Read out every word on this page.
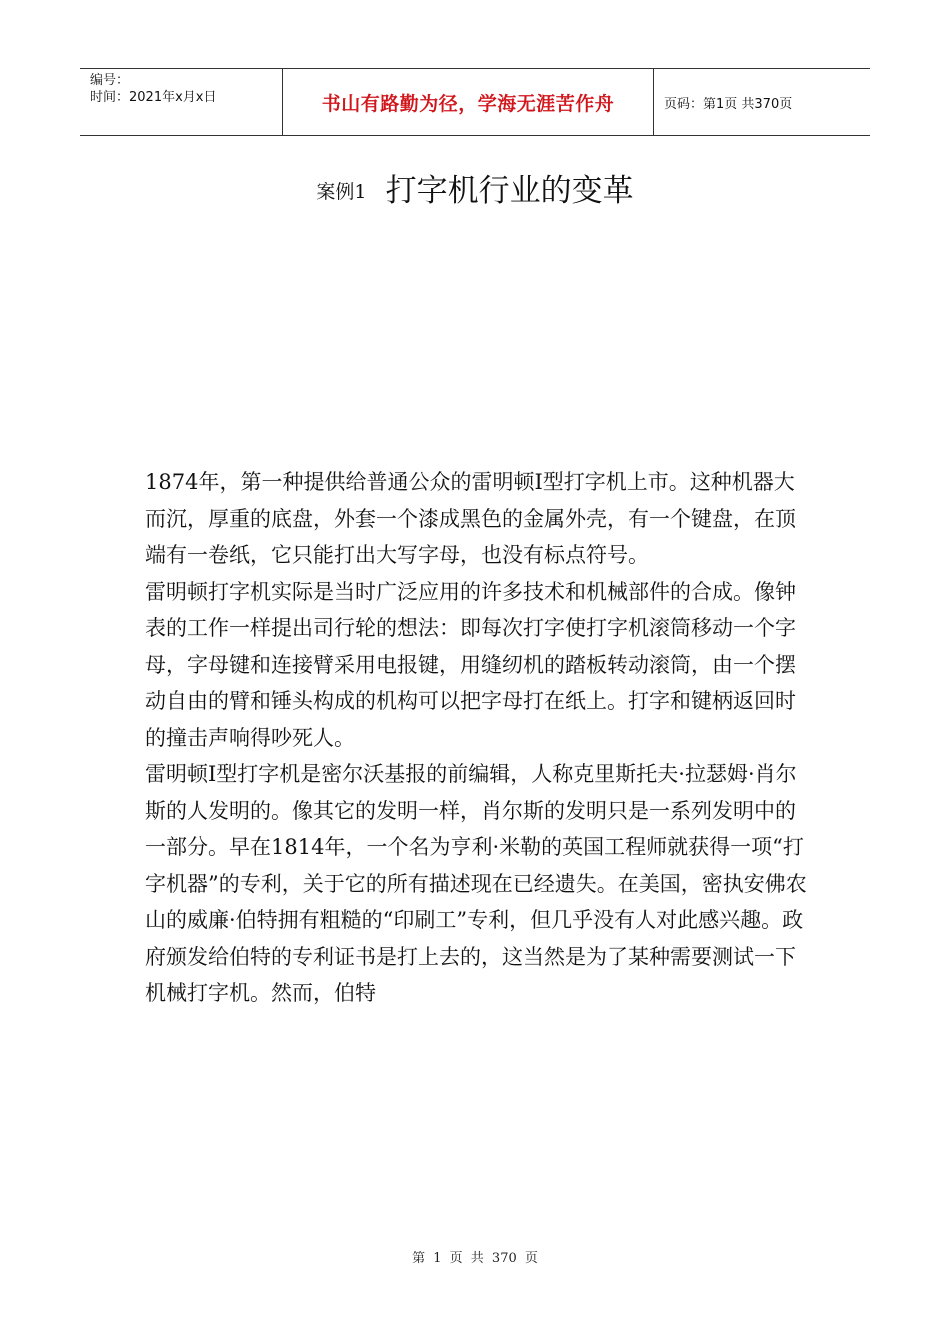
编号：
时间：2021年x月x日	书山有路勤为径，学海无涯苦作舟	页码：第1页 共370页
案例1 打字机行业的变革

1874年，第一种提供给普通公众的雷明顿Ⅰ型打字机上市。这种机器大而沉，厚重的底盘，外套一个漆成黑色的金属外壳，有一个键盘，在顶端有一卷纸，它只能打出大写字母，也没有标点符号。

雷明顿打字机实际是当时广泛应用的许多技术和机械部件的合成。像钟表的工作一样提出司行轮的想法：即每次打字使打字机滚筒移动一个字母，字母键和连接臂采用电报键，用缝纫机的踏板转动滚筒，由一个摆动自由的臂和锤头构成的机构可以把字母打在纸上。打字和键柄返回时的撞击声响得吵死人。

雷明顿Ⅰ型打字机是密尔沃基报的前编辑，人称克里斯托夫·拉瑟姆·肖尔斯的人发明的。像其它的发明一样，肖尔斯的发明只是一系列发明中的一部分。早在1814年，一个名为亨利·米勒的英国工程师就获得一项“打字机器”的专利，关于它的所有描述现在已经遗失。在美国，密执安佛农山的威廉·伯特拥有粗糙的“印刷工”专利，但几乎没有人对此感兴趣。政府颁发给伯特的专利证书是打上去的，这当然是为了某种需要测试一下机械打字机。然而，伯特

第 1 页 共 370 页
